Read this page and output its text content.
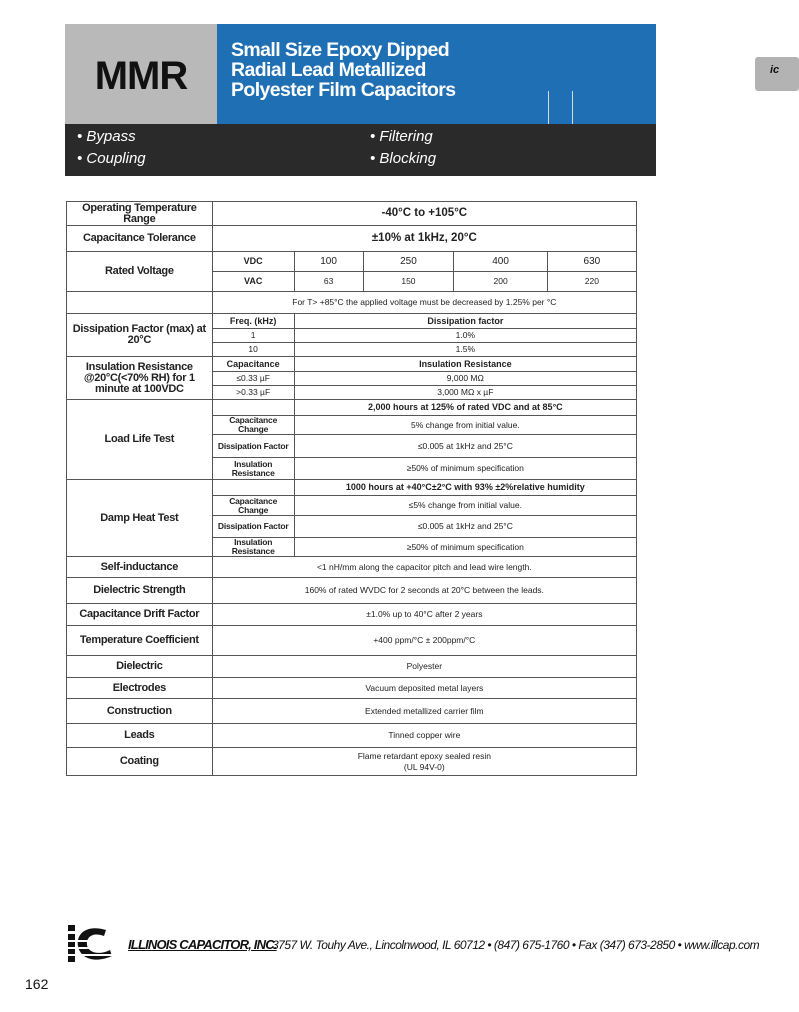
MMR
Small Size Epoxy Dipped
Radial Lead Metallized
Polyester Film Capacitors
ic
• Bypass
• Coupling
• Filtering
• Blocking
Operating Temperature Range	-40°C to +105°C				
Capacitance Tolerance	±10% at 1kHz, 20°C				
Rated Voltage	VDC	100	250	400	630
	VAC	63	150	200	220
	For T> +85°C the applied voltage must be decreased by 1.25% per °C				
Dissipation Factor (max) at 20°C	Freq. (kHz)	Dissipation factor			
	1	1.0%			
	10	1.5%			
Insulation Resistance @20°C(<70% RH) for 1 minute at 100VDC	Capacitance	Insulation Resistance			
	≤0.33 µF	9,000 MΩ			
	>0.33 µF	3,000 MΩ x µF			
Load Life Test		2,000 hours at 125% of rated VDC and at 85°C			
	Capacitance Change	5% change from initial value.			
	Dissipation Factor	≤0.005 at 1kHz and 25°C			
	Insulation Resistance	≥50% of minimum specification			
Damp Heat Test		1000 hours at +40°C±2°C with 93% ±2%relative humidity			
	Capacitance Change	≤5% change from initial value.			
	Dissipation Factor	≤0.005 at 1kHz and 25°C			
	Insulation Resistance	≥50% of minimum specification			
Self-inductance	<1 nH/mm along the capacitor pitch and lead wire length.				
Dielectric Strength	160% of rated WVDC for 2 seconds at 20°C between the leads.				
Capacitance Drift Factor	±1.0% up to 40°C after 2 years				
Temperature Coefficient	+400 ppm/°C ± 200ppm/°C				
Dielectric	Polyester				
Electrodes	Vacuum deposited metal layers				
Construction	Extended metallized carrier film				
Leads	Tinned copper wire				
Coating	Flame retardant epoxy sealed resin
(UL 94V-0)				
ILLINOIS CAPACITOR, INC.
3757 W. Touhy Ave., Lincolnwood, IL 60712 • (847) 675-1760 • Fax (347) 673-2850 • www.illcap.com
162
